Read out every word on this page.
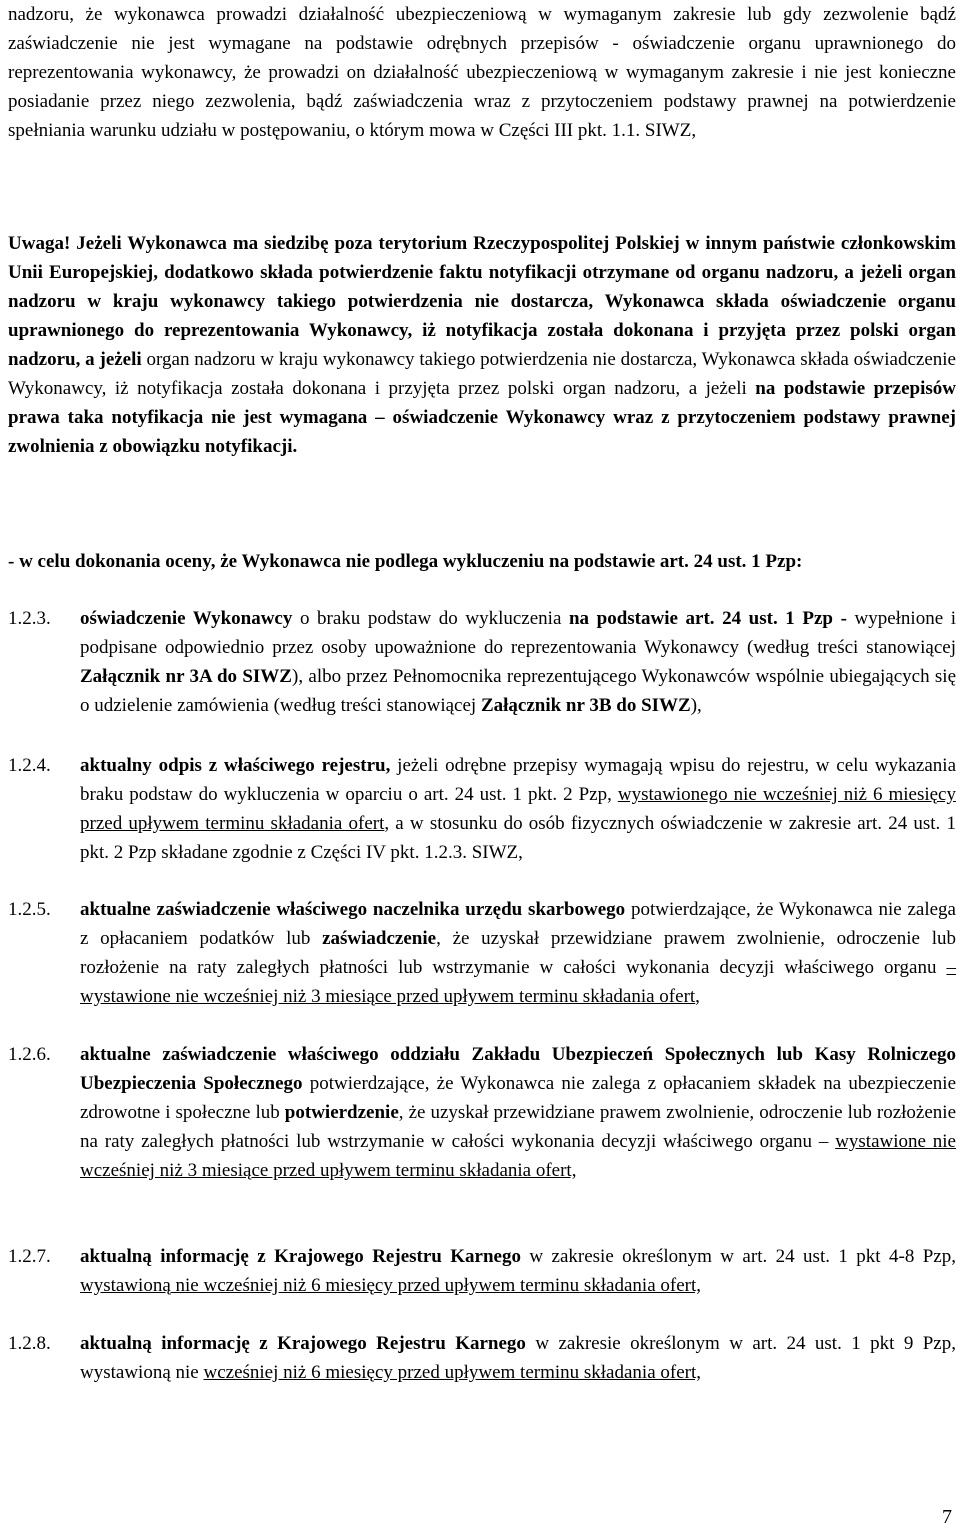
nadzoru, że wykonawca prowadzi działalność ubezpieczeniową w wymaganym zakresie lub gdy zezwolenie bądź zaświadczenie nie jest wymagane na podstawie odrębnych przepisów - oświadczenie organu uprawnionego do reprezentowania wykonawcy, że prowadzi on działalność ubezpieczeniową w wymaganym zakresie i nie jest konieczne posiadanie przez niego zezwolenia, bądź zaświadczenia wraz z przytoczeniem podstawy prawnej na potwierdzenie spełniania warunku udziału w postępowaniu, o którym mowa w Części III pkt. 1.1. SIWZ,

Uwaga! Jeżeli Wykonawca ma siedzibę poza terytorium Rzeczypospolitej Polskiej w innym państwie członkowskim Unii Europejskiej, dodatkowo składa potwierdzenie faktu notyfikacji otrzymane od organu nadzoru, a jeżeli organ nadzoru w kraju wykonawcy takiego potwierdzenia nie dostarcza, Wykonawca składa oświadczenie organu uprawnionego do reprezentowania Wykonawcy, iż notyfikacja została dokonana i przyjęta przez polski organ nadzoru, a jeżeli organ nadzoru w kraju wykonawcy takiego potwierdzenia nie dostarcza, Wykonawca składa oświadczenie Wykonawcy, iż notyfikacja została dokonana i przyjęta przez polski organ nadzoru, a jeżeli na podstawie przepisów prawa taka notyfikacja nie jest wymagana – oświadczenie Wykonawcy wraz z przytoczeniem podstawy prawnej zwolnienia z obowiązku notyfikacji.

- w celu dokonania oceny, że Wykonawca nie podlega wykluczeniu na podstawie art. 24 ust. 1 Pzp:
1.2.3.	oświadczenie Wykonawcy o braku podstaw do wykluczenia na podstawie art. 24 ust. 1 Pzp - wypełnione i podpisane odpowiednio przez osoby upoważnione do reprezentowania Wykonawcy (według treści stanowiącej Załącznik nr 3A do SIWZ), albo przez Pełnomocnika reprezentującego Wykonawców wspólnie ubiegających się o udzielenie zamówienia (według treści stanowiącej Załącznik nr 3B do SIWZ),
1.2.4.	aktualny odpis z właściwego rejestru, jeżeli odrębne przepisy wymagają wpisu do rejestru, w celu wykazania braku podstaw do wykluczenia w oparciu o art. 24 ust. 1 pkt. 2 Pzp, wystawionego nie wcześniej niż 6 miesięcy przed upływem terminu składania ofert, a w stosunku do osób fizycznych oświadczenie w zakresie art. 24 ust. 1 pkt. 2 Pzp składane zgodnie z Części IV pkt. 1.2.3. SIWZ,
1.2.5.	aktualne zaświadczenie właściwego naczelnika urzędu skarbowego potwierdzające, że Wykonawca nie zalega z opłacaniem podatków lub zaświadczenie, że uzyskał przewidziane prawem zwolnienie, odroczenie lub rozłożenie na raty zaległych płatności lub wstrzymanie w całości wykonania decyzji właściwego organu – wystawione nie wcześniej niż 3 miesiące przed upływem terminu składania ofert,
1.2.6.	aktualne zaświadczenie właściwego oddziału Zakładu Ubezpieczeń Społecznych lub Kasy Rolniczego Ubezpieczenia Społecznego potwierdzające, że Wykonawca nie zalega z opłacaniem składek na ubezpieczenie zdrowotne i społeczne lub potwierdzenie, że uzyskał przewidziane prawem zwolnienie, odroczenie lub rozłożenie na raty zaległych płatności lub wstrzymanie w całości wykonania decyzji właściwego organu – wystawione nie wcześniej niż 3 miesiące przed upływem terminu składania ofert,
1.2.7.	aktualną informację z Krajowego Rejestru Karnego w zakresie określonym w art. 24 ust. 1 pkt 4-8 Pzp, wystawioną nie wcześniej niż 6 miesięcy przed upływem terminu składania ofert,
1.2.8.	aktualną informację z Krajowego Rejestru Karnego w zakresie określonym w art. 24 ust. 1 pkt 9 Pzp, wystawioną nie wcześniej niż 6 miesięcy przed upływem terminu składania ofert,
7
